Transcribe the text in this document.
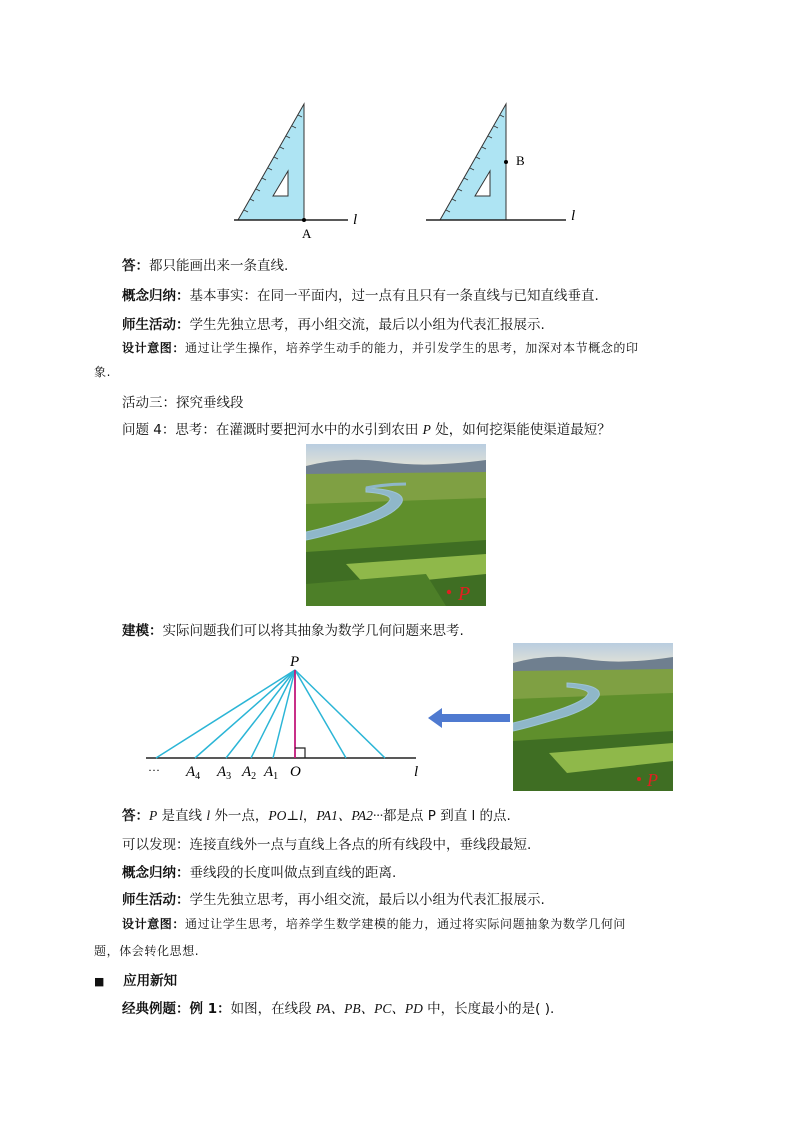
A
l
B
l
答：都只能画出来一条直线.
概念归纳：基本事实：在同一平面内，过一点有且只有一条直线与已知直线垂直.
师生活动：学生先独立思考，再小组交流，最后以小组为代表汇报展示.
设计意图：通过让学生操作，培养学生动手的能力，并引发学生的思考，加深对本节概念的印
象.
活动三：探究垂线段
问题 4：思考：在灌溉时要把河水中的水引到农田 P 处，如何挖渠能使渠道最短？
P
建模：实际问题我们可以将其抽象为数学几何问题来思考.
P
O	l
··· $A_4$ $A_3$ $A_2$ $A_1$	P
答：P 是直线 l 外一点，PO⊥l，PA1、PA2···都是点 P 到直 l 的点.
可以发现：连接直线外一点与直线上各点的所有线段中，垂线段最短.
概念归纳：垂线段的长度叫做点到直线的距离.
师生活动：学生先独立思考，再小组交流，最后以小组为代表汇报展示.
设计意图：通过让学生思考，培养学生数学建模的能力，通过将实际问题抽象为数学几何问
题，体会转化思想.
■ 应用新知
经典例题：例 1：如图，在线段 PA、PB、PC、PD 中，长度最小的是( ).
